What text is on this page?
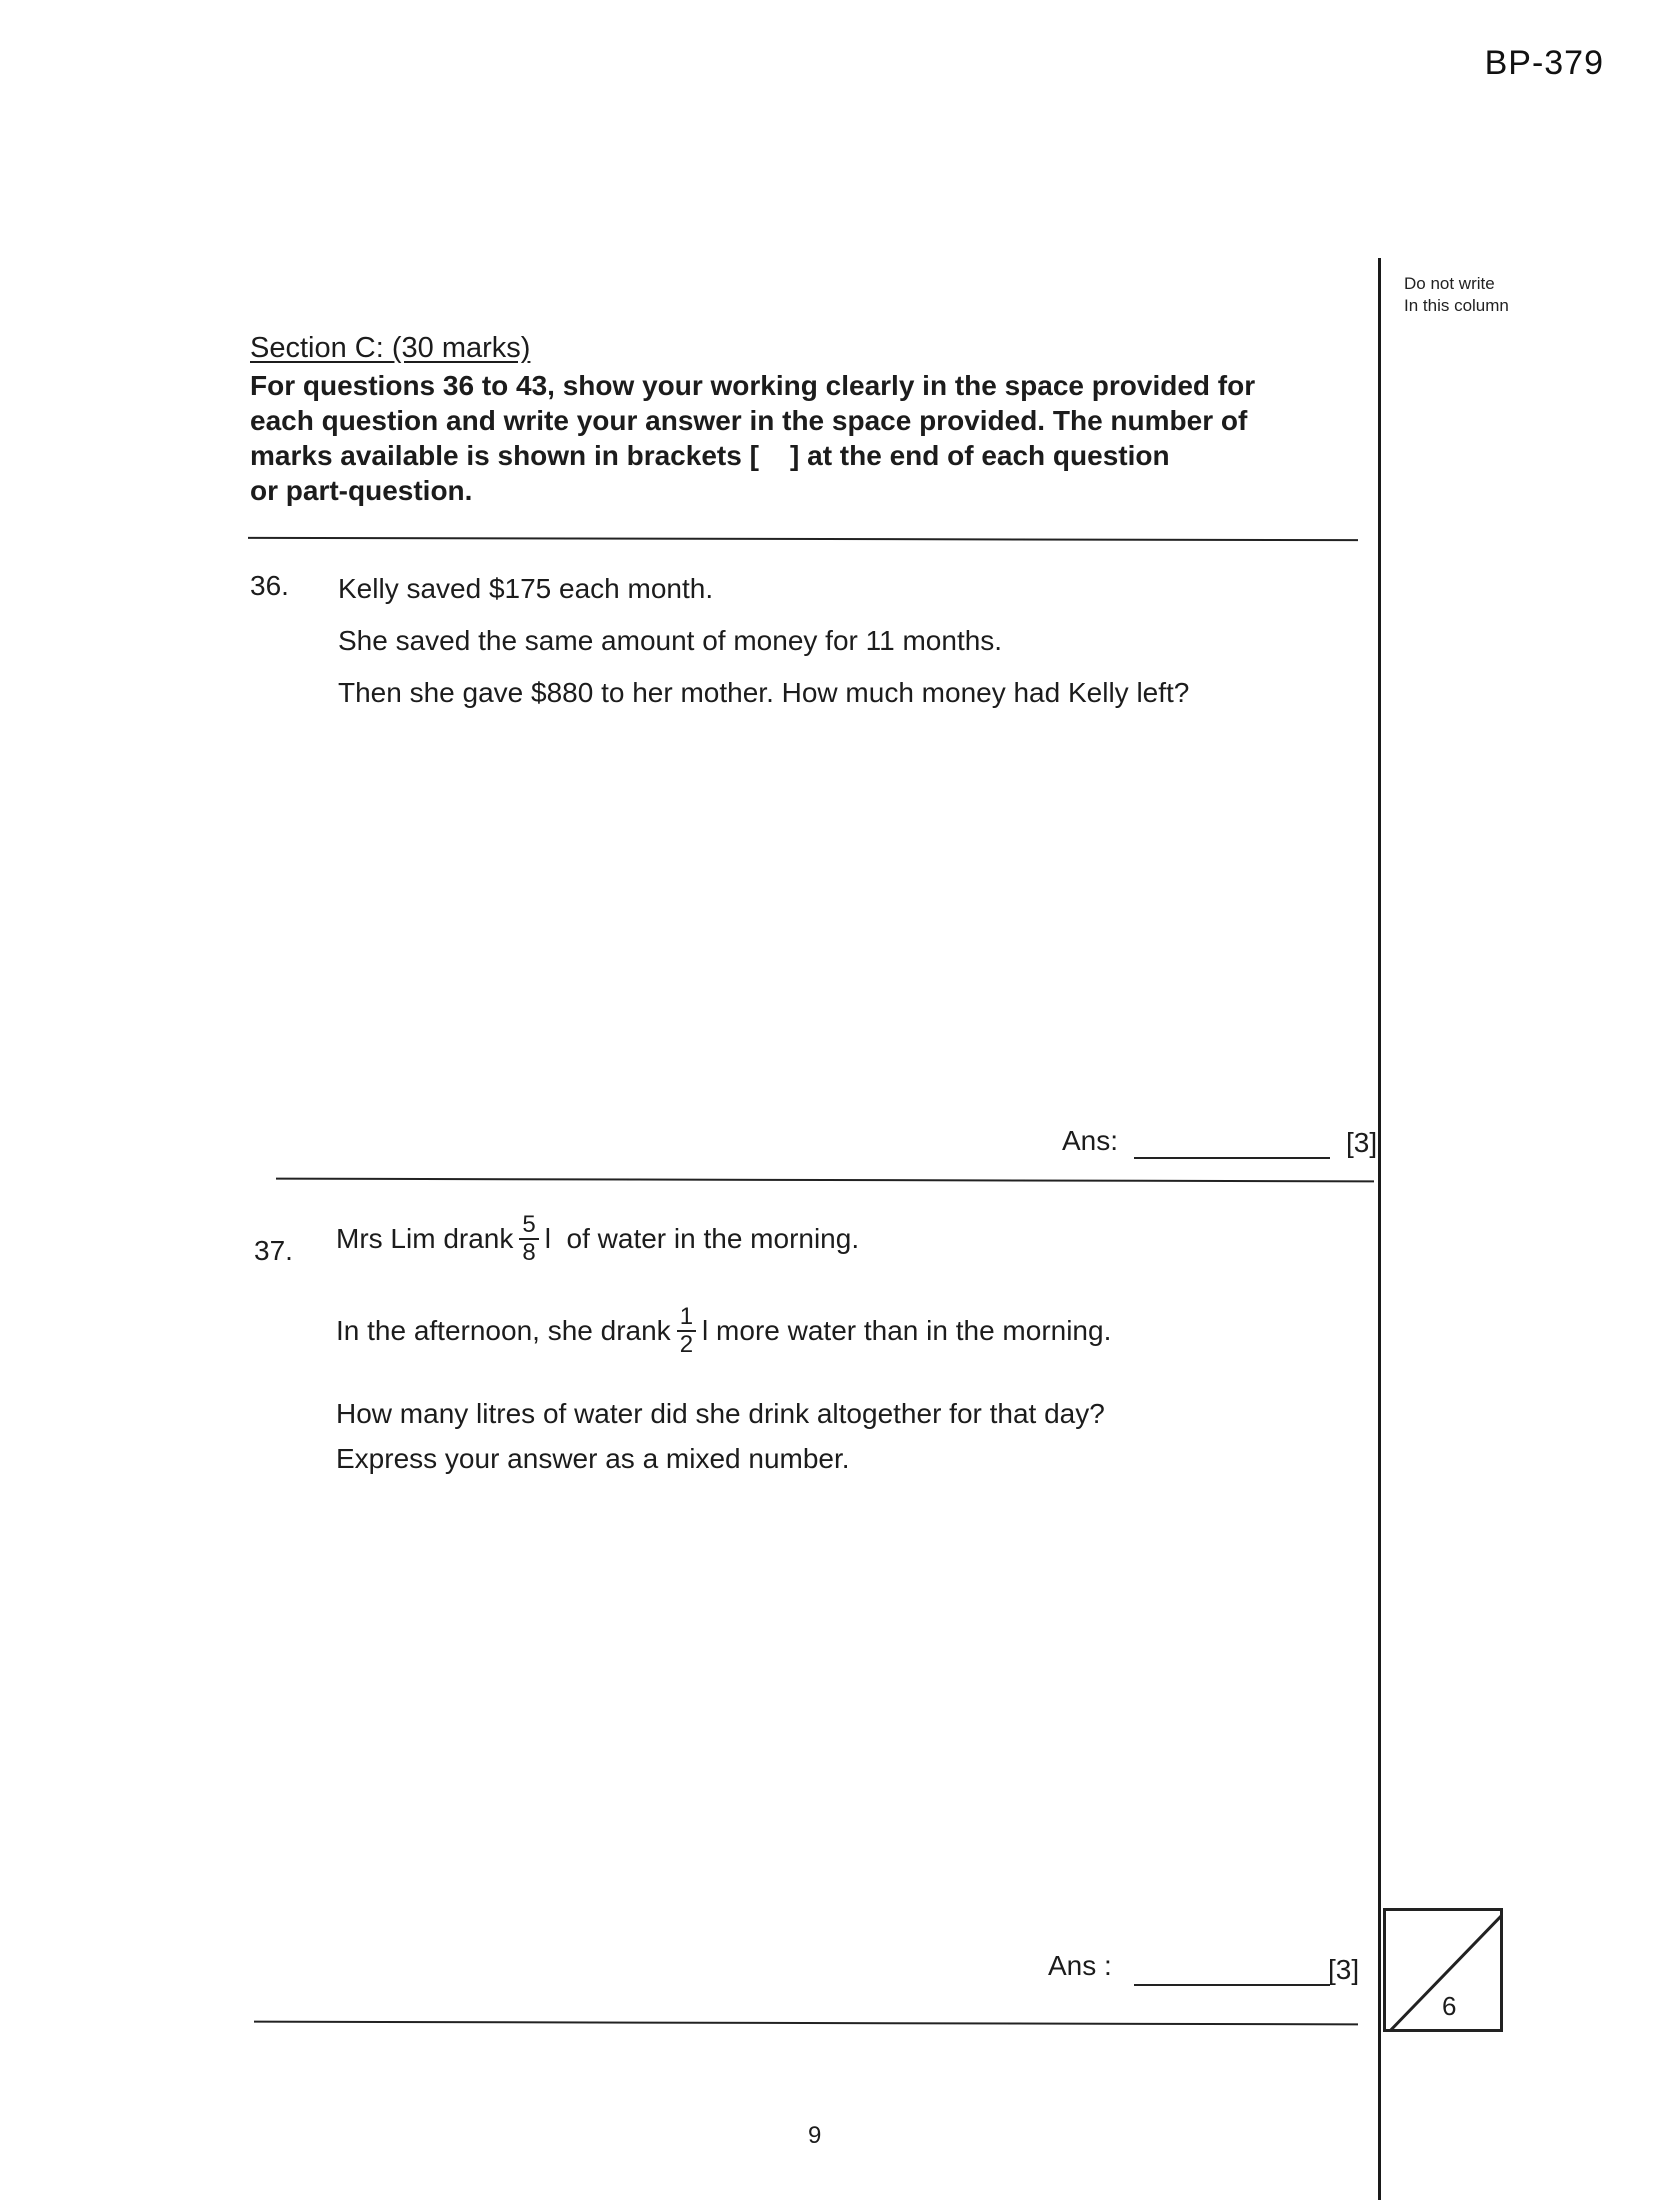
BP-379
Do not write
In this column
Section C: (30 marks)
For questions 36 to 43, show your working clearly in the space provided for
each question and write your answer in the space provided. The number of
marks available is shown in brackets [    ] at the end of each question
or part-question.
36. Kelly saved $175 each month.
She saved the same amount of money for 11 months.
Then she gave $880 to her mother. How much money had Kelly left?
Ans:	[3]
37. Mrs Lim drank $\frac{5}{8}$ l  of water in the morning.
In the afternoon, she drank $\frac{1}{2}$ l more water than in the morning.
How many litres of water did she drink altogether for that day?
Express your answer as a mixed number.
Ans :	[3]
6
9
